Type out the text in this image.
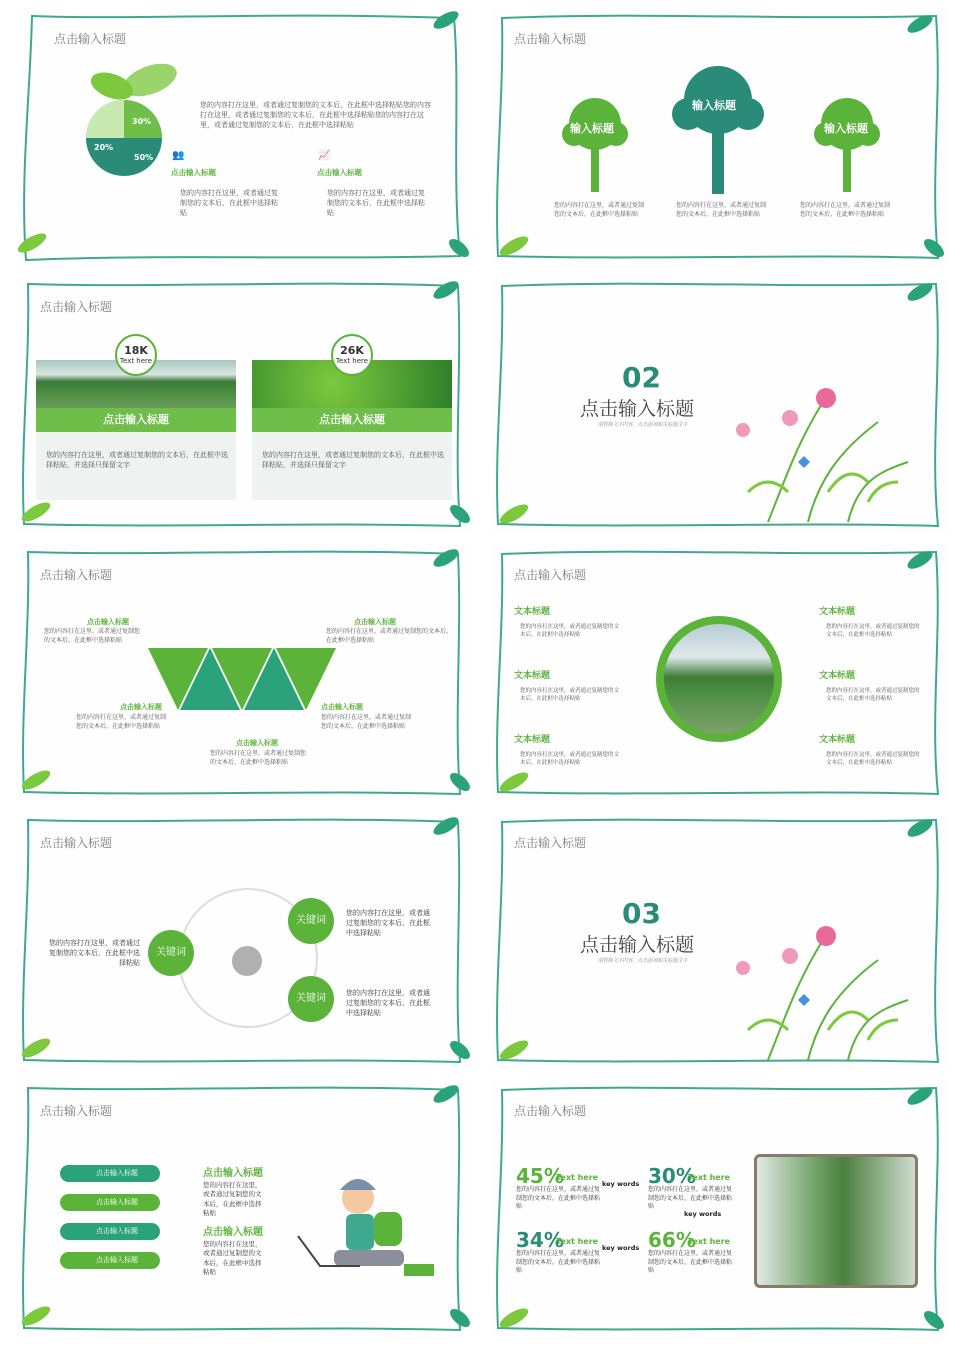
点击输入标题
30%
20%
50%
您的内容打在这里，或者通过复制您的文本后，在此框中选择粘贴您的内容打在这里，或者通过复制您的文本后，在此框中选择粘贴您的内容打在这里，或者通过复制您的文本后，在此框中选择粘贴
👥
点击输入标题
您的内容打在这里，或者通过复制您的文本后，在此框中选择粘贴
📈
点击输入标题
您的内容打在这里，或者通过复制您的文本后，在此框中选择粘贴
点击输入标题
输入标题
输入标题
输入标题
您的内容打在这里，或者通过复制您的文本后，在此框中选择粘贴
您的内容打在这里，或者通过复制您的文本后，在此框中选择粘贴
您的内容打在这里，或者通过复制您的文本后，在此框中选择粘贴
点击输入标题
点击输入标题
您的内容打在这里，或者通过复制您的文本后，在此框中选择粘贴，并选择只保留文字
18K
Text here
点击输入标题
您的内容打在这里，或者通过复制您的文本后，在此框中选择粘贴，并选择只保留文字
26K
Text here	02
点击输入标题
请替换文字内容，点击添加相关标题文字
点击输入标题
点击输入标题
您的内容打在这里，或者通过复制您的文本后，在此框中选择粘贴
点击输入标题
您的内容打在这里，或者通过复制您的文本后，在此框中选择粘贴
点击输入标题
您的内容打在这里，或者通过复制您的文本后，在此框中选择粘贴
点击输入标题
您的内容打在这里，或者通过复制您的文本后，在此框中选择粘贴
点击输入标题
您的内容打在这里，或者通过复制您的文本后，在此框中选择粘贴
点击输入标题
文本标题
您的内容打在这里，或者通过复制您的文本后，在此框中选择粘贴
文本标题
您的内容打在这里，或者通过复制您的文本后，在此框中选择粘贴
文本标题
您的内容打在这里，或者通过复制您的文本后，在此框中选择粘贴
文本标题
您的内容打在这里，或者通过复制您的文本后，在此框中选择粘贴
文本标题
您的内容打在这里，或者通过复制您的文本后，在此框中选择粘贴
文本标题
您的内容打在这里，或者通过复制您的文本后，在此框中选择粘贴
点击输入标题
关键词
关键词
关键词
您的内容打在这里，或者通过复制您的文本后，在此框中选择粘贴
您的内容打在这里，或者通过复制您的文本后，在此框中选择粘贴
您的内容打在这里，或者通过复制您的文本后，在此框中选择粘贴
点击输入标题
03
点击输入标题
请替换文字内容，点击添加相关标题文字
点击输入标题
点击输入标题
点击输入标题
点击输入标题
点击输入标题
点击输入标题
您的内容打在这里，或者通过复制您的文本后，在此框中选择粘贴
点击输入标题
您的内容打在这里，或者通过复制您的文本后，在此框中选择粘贴
点击输入标题
45%
Text here
您的内容打在这里，或者通过复制您的文本后，在此框中选择粘贴
30%
Text here
您的内容打在这里，或者通过复制您的文本后，在此框中选择粘贴
34%
Text here
您的内容打在这里，或者通过复制您的文本后，在此框中选择粘贴
66%
Text here
您的内容打在这里，或者通过复制您的文本后，在此框中选择粘贴
key words
key words
key words
